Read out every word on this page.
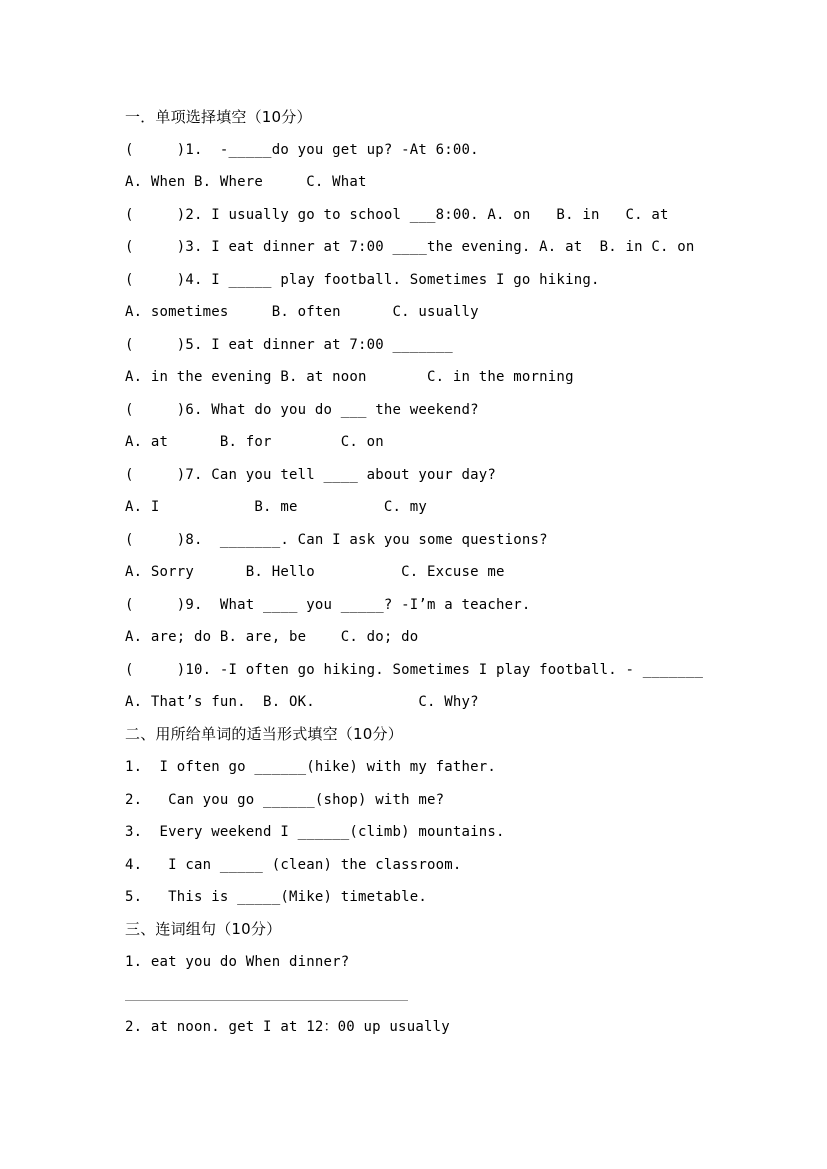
一．单项选择填空（10分）
(     )1.  -_____do you get up? -At 6:00.
A. When B. Where     C. What
(     )2. I usually go to school ___8:00. A. on   B. in   C. at
(     )3. I eat dinner at 7:00 ____the evening. A. at  B. in C. on
(     )4. I _____ play football. Sometimes I go hiking.
A. sometimes     B. often      C. usually
(     )5. I eat dinner at 7:00 _______
A. in the evening B. at noon       C. in the morning
(     )6. What do you do ___ the weekend?
A. at      B. for        C. on
(     )7. Can you tell ____ about your day?
A. I           B. me          C. my
(     )8.  _______. Can I ask you some questions?
A. Sorry      B. Hello          C. Excuse me
(     )9.  What ____ you _____? -I’m a teacher.
A. are; do B. are, be    C. do; do
(     )10. -I often go hiking. Sometimes I play football. - _______
A. That’s fun.  B. OK.            C. Why?
二、用所给单词的适当形式填空（10分）
1.  I often go ______(hike) with my father.
2.   Can you go ______(shop) with me?
3.  Every weekend I ______(climb) mountains.
4.   I can _____ (clean) the classroom.
5.   This is _____(Mike) timetable.
三、连词组句（10分）
1. eat you do When dinner?
2. at noon. get I at 12：00 up usually
